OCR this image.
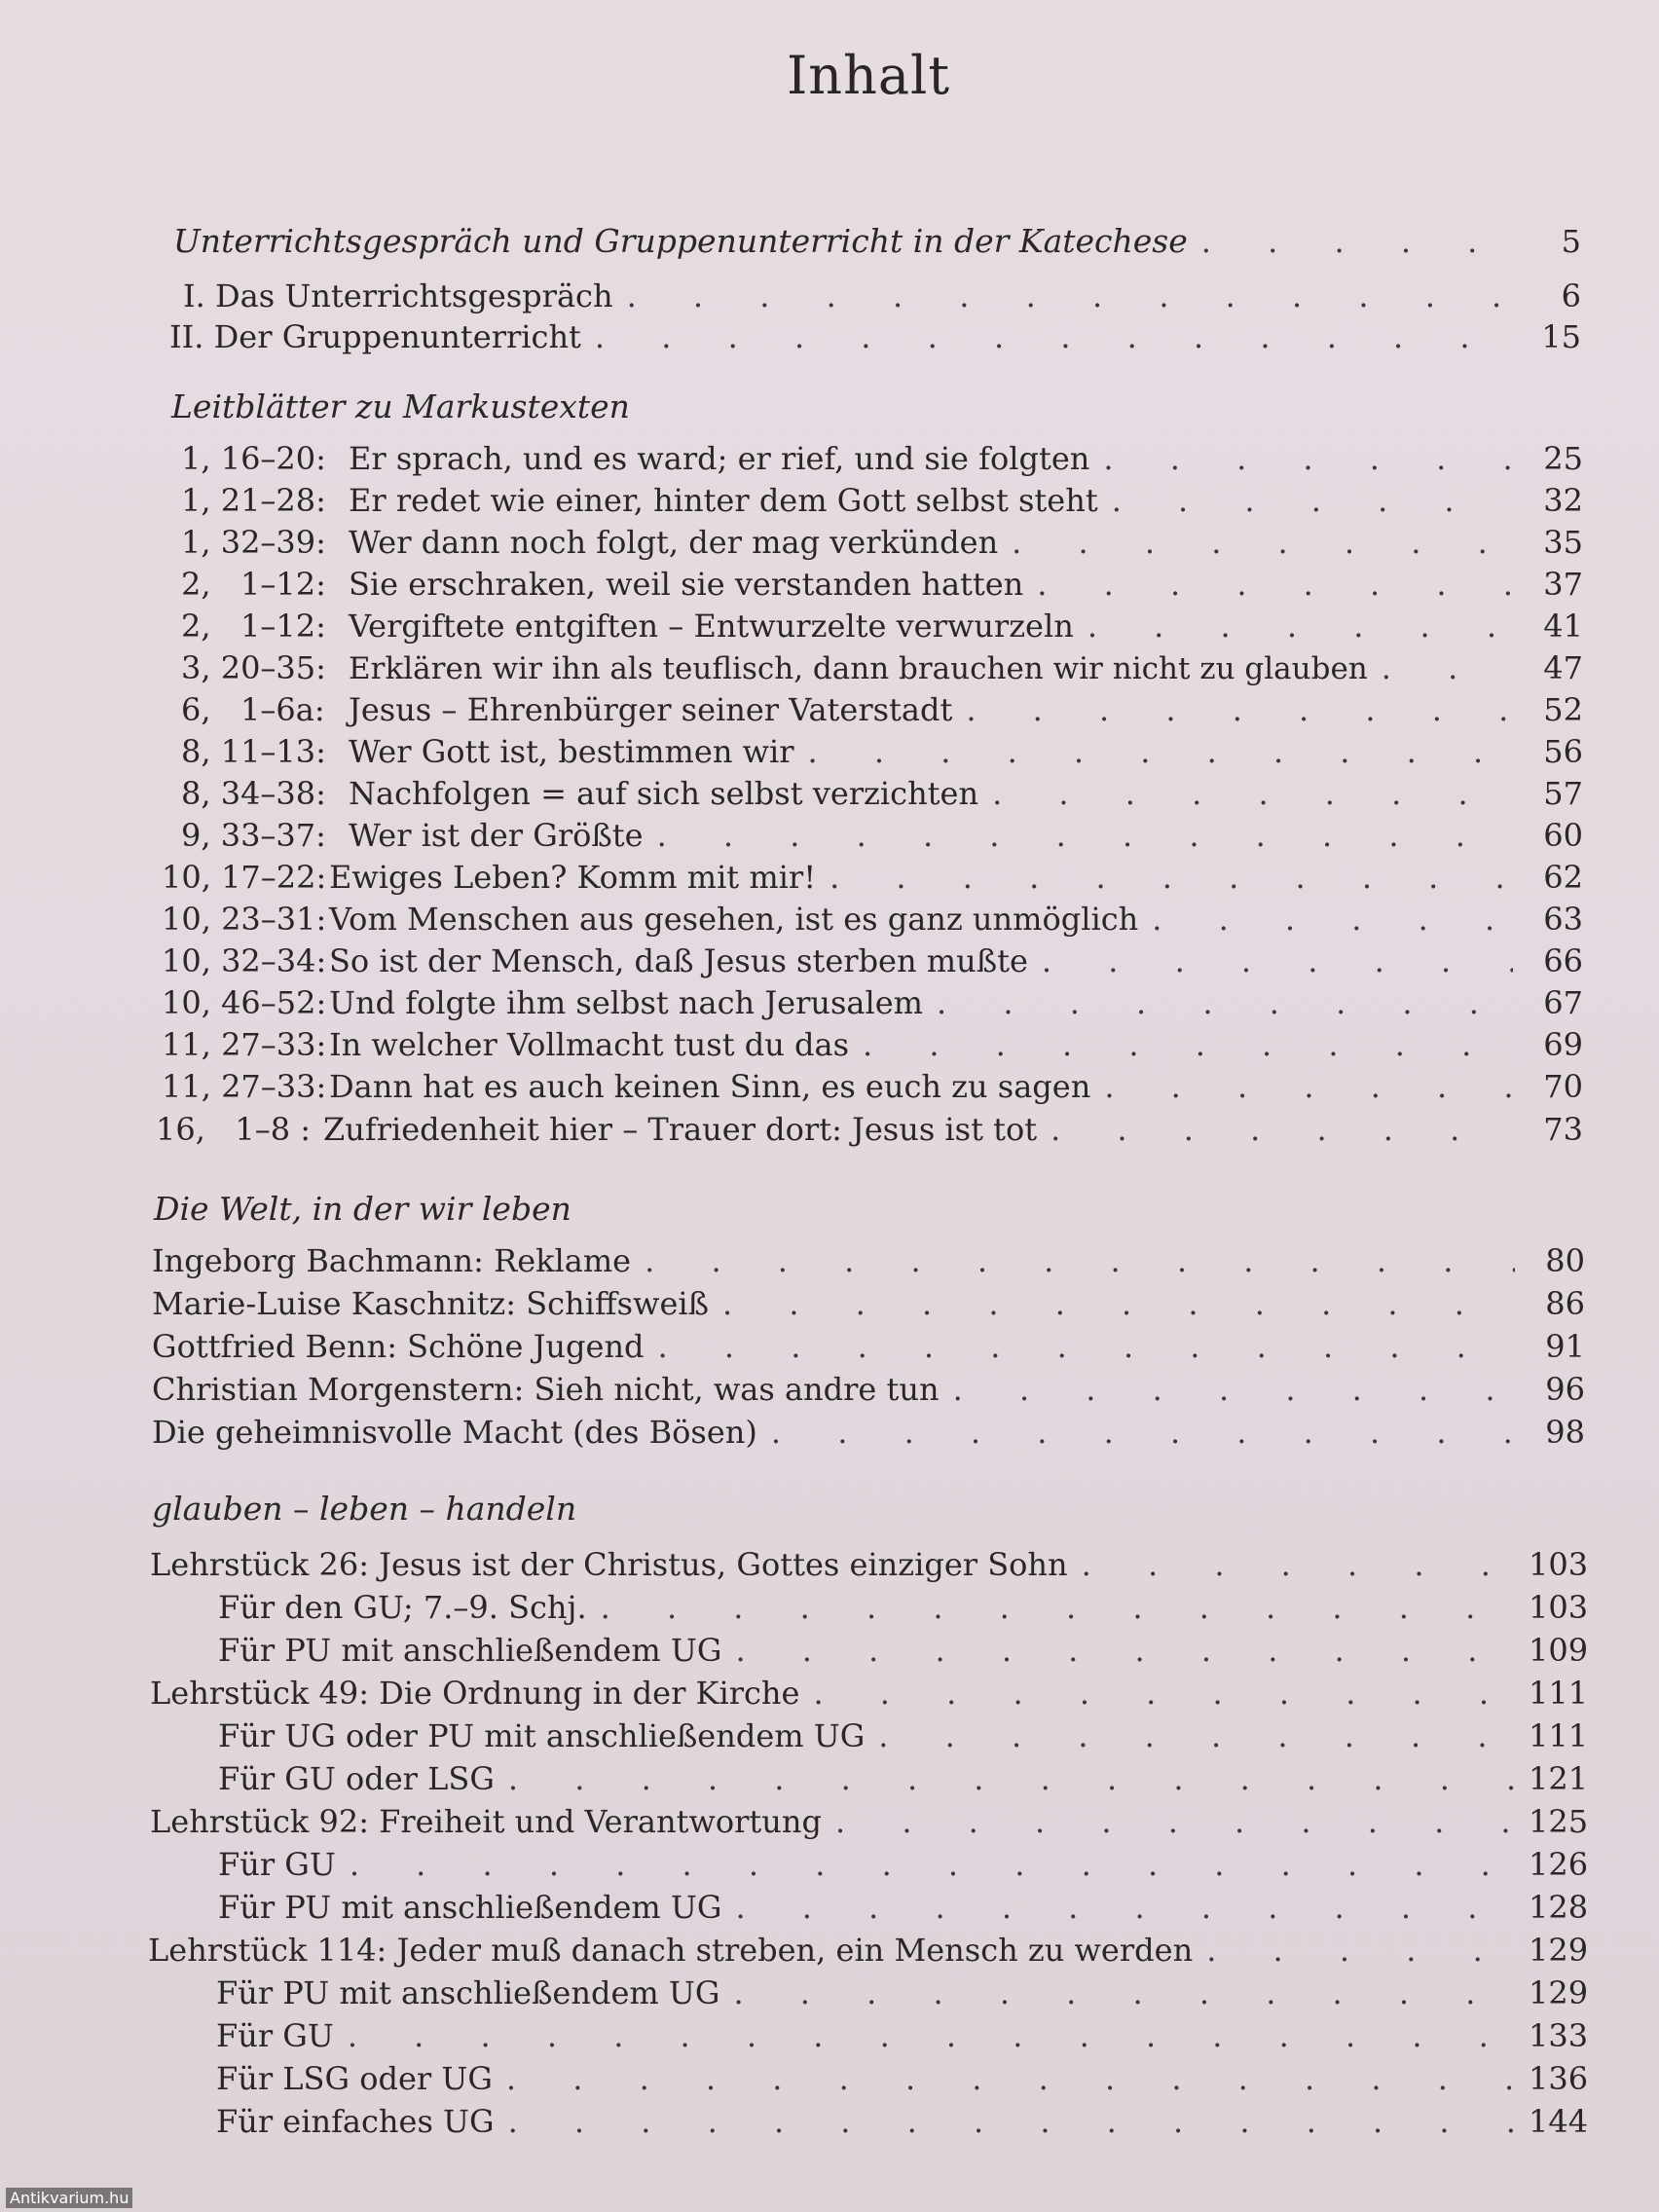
Inhalt
Unterrichtsgespräch und Gruppenunterricht in der Katechese . . .	5
I. Das Unterrichtsgespräch . . .	6
II. Der Gruppenunterricht . . .	15
Leitblätter zu Markustexten
1, 16–20: Er sprach, und es ward; er rief, und sie folgten . . .	25
1, 21–28: Er redet wie einer, hinter dem Gott selbst steht . . .	32
1, 32–39: Wer dann noch folgt, der mag verkünden . . .	35
2,   1–12: Sie erschraken, weil sie verstanden hatten . . .	37
2,   1–12: Vergiftete entgiften – Entwurzelte verwurzeln . . .	41
3, 20–35: Erklären wir ihn als teuflisch, dann brauchen wir nicht zu glauben . . .	47
6,   1–6a: Jesus – Ehrenbürger seiner Vaterstadt . . .	52
8, 11–13: Wer Gott ist, bestimmen wir . . .	56
8, 34–38: Nachfolgen = auf sich selbst verzichten . . .	57
9, 33–37: Wer ist der Größte . . .	60
10, 17–22: Ewiges Leben? Komm mit mir! . . .	62
10, 23–31: Vom Menschen aus gesehen, ist es ganz unmöglich . . .	63
10, 32–34: So ist der Mensch, daß Jesus sterben mußte . . .	66
10, 46–52: Und folgte ihm selbst nach Jerusalem . . .	67
11, 27–33: In welcher Vollmacht tust du das . . .	69
11, 27–33: Dann hat es auch keinen Sinn, es euch zu sagen . . .	70
16,   1–8 : Zufriedenheit hier – Trauer dort: Jesus ist tot . . .	73
Die Welt, in der wir leben
Ingeborg Bachmann: Reklame . . .	80
Marie-Luise Kaschnitz: Schiffsweiß . . .	86
Gottfried Benn: Schöne Jugend . . .	91
Christian Morgenstern: Sieh nicht, was andre tun . . .	96
Die geheimnisvolle Macht (des Bösen) . . .	98
glauben – leben – handeln
Lehrstück 26: Jesus ist der Christus, Gottes einziger Sohn . . .	103
Für den GU; 7.–9. Schj. . . .	103
Für PU mit anschließendem UG . . .	109
Lehrstück 49: Die Ordnung in der Kirche . . .	111
Für UG oder PU mit anschließendem UG . . .	111
Für GU oder LSG . . .	121
Lehrstück 92: Freiheit und Verantwortung . . .	125
Für GU . . .	126
Für PU mit anschließendem UG . . .	128
Lehrstück 114: Jeder muß danach streben, ein Mensch zu werden . . .	129
Für PU mit anschließendem UG . . .	129
Für GU . . .	133
Für LSG oder UG . . .	136
Für einfaches UG . . .	144
Antikvarium.hu
